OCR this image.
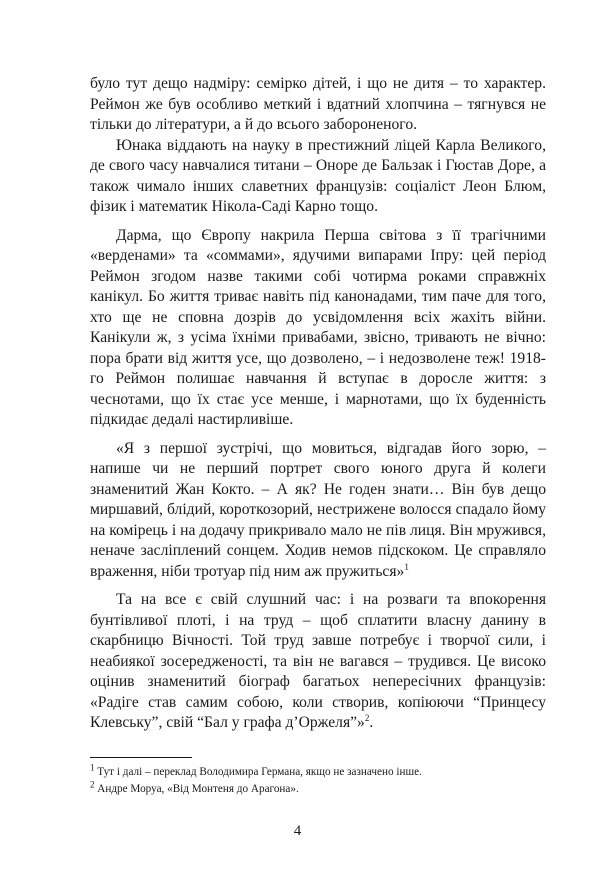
було тут дещо надміру: семірко дітей, і що не дитя – то характер. Реймон же був особливо меткий і вдатний хлопчина – тягнувся не тільки до літератури, а й до всього забороненого.

Юнака віддають на науку в престижний ліцей Карла Великого, де свого часу навчалися титани – Оноре де Бальзак і Гюстав Доре, а також чимало інших славетних французів: соціаліст Леон Блюм, фізик і математик Нікола-Саді Карно тощо.

Дарма, що Європу накрила Перша світова з її трагічними «верденами» та «соммами», ядучими випарами Іпру: цей період Реймон згодом назве такими собі чотирма роками справжніх канікул. Бо життя триває навіть під канонадами, тим паче для того, хто ще не сповна дозрів до усвідомлення всіх жахіть війни. Канікули ж, з усіма їхніми привабами, звісно, тривають не вічно: пора брати від життя усе, що дозволено, – і недозволене теж! 1918-го Реймон полишає навчання й вступає в доросле життя: з чеснотами, що їх стає усе менше, і марнотами, що їх буденність підкидає дедалі настирливіше.

«Я з першої зустрічі, що мовиться, відгадав його зорю, – напише чи не перший портрет свого юного друга й колеги знаменитий Жан Кокто. – А як? Не годен знати… Він був дещо миршавий, блідий, короткозорий, нестрижене волосся спадало йому на комірець і на додачу прикривало мало не пів лиця. Він мружився, неначе засліплений сонцем. Ходив немов підскоком. Це справляло враження, ніби тротуар під ним аж пружиться»$^1$

Та на все є свій слушний час: і на розваги та впокорення бунтівливої плоті, і на труд – щоб сплатити власну данину в скарбницю Вічності. Той труд завше потребує і творчої сили, і неабиякої зосередженості, та він не вагався – трудився. Це високо оцінив знаменитий біограф багатьох непересічних французів: «Радіге став самим собою, коли створив, копіюючи “Принцесу Клевську”, свій “Бал у графа д’Оржеля”»$^2$.

$^1$ Тут і далі – переклад Володимира Германа, якщо не зазначено інше.
$^2$ Андре Моруа, «Від Монтеня до Арагона».
4
